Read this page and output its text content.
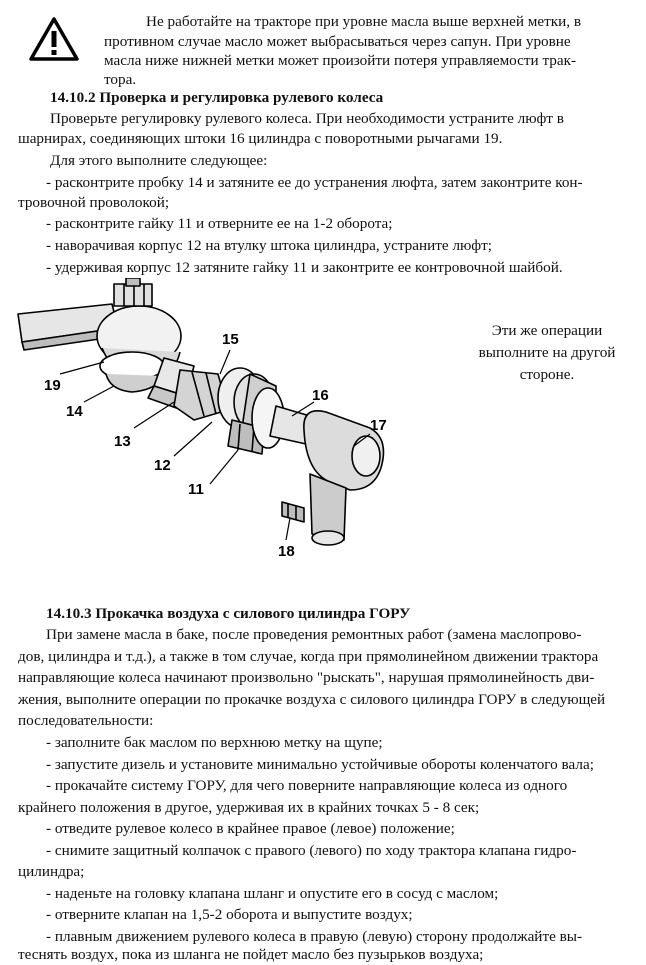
Не работайте на тракторе при уровне масла выше верхней метки, в
противном случае масло может выбрасываться через сапун. При уровне
масла ниже нижней метки может произойти потеря управляемости трак-
тора.
14.10.2 Проверка и регулировка рулевого колеса
Проверьте регулировку рулевого колеса. При необходимости устраните люфт в
шарнирах, соединяющих штоки 16 цилиндра с поворотными рычагами 19.
Для этого выполните следующее:
- расконтрите пробку 14 и затяните ее до устранения люфта, затем законтрите кон-
тровочной проволокой;
- расконтрите гайку 11 и отверните ее на 1-2 оборота;
- наворачивая корпус 12 на втулку штока цилиндра, устраните люфт;
- удерживая корпус 12 затяните гайку 11 и законтрите ее контровочной шайбой.
15
19
14
16
17
13
12
11
18
Эти же операции
выполните на другой
стороне.
14.10.3 Прокачка воздуха с силового цилиндра ГОРУ
При замене масла в баке, после проведения ремонтных работ (замена маслопрово-
дов, цилиндра и т.д.), а также в том случае, когда при прямолинейном движении трактора
направляющие колеса начинают произвольно "рыскать", нарушая прямолинейность дви-
жения, выполните операции по прокачке воздуха с силового цилиндра ГОРУ в следующей
последовательности:
- заполните бак маслом по верхнюю метку на щупе;
- запустите дизель и установите минимально устойчивые обороты коленчатого вала;
- прокачайте систему ГОРУ, для чего поверните направляющие колеса из одного
крайнего положения в другое, удерживая их в крайних точках 5 - 8 сек;
- отведите рулевое колесо в крайнее правое (левое) положение;
- снимите защитный колпачок с правого (левого) по ходу трактора клапана гидро-
цилиндра;
- наденьте на головку клапана шланг и опустите его в сосуд с маслом;
- отверните клапан на 1,5-2 оборота и выпустите воздух;
- плавным движением рулевого колеса в правую (левую) сторону продолжайте вы-
теснять воздух, пока из шланга не пойдет масло без пузырьков воздуха;
